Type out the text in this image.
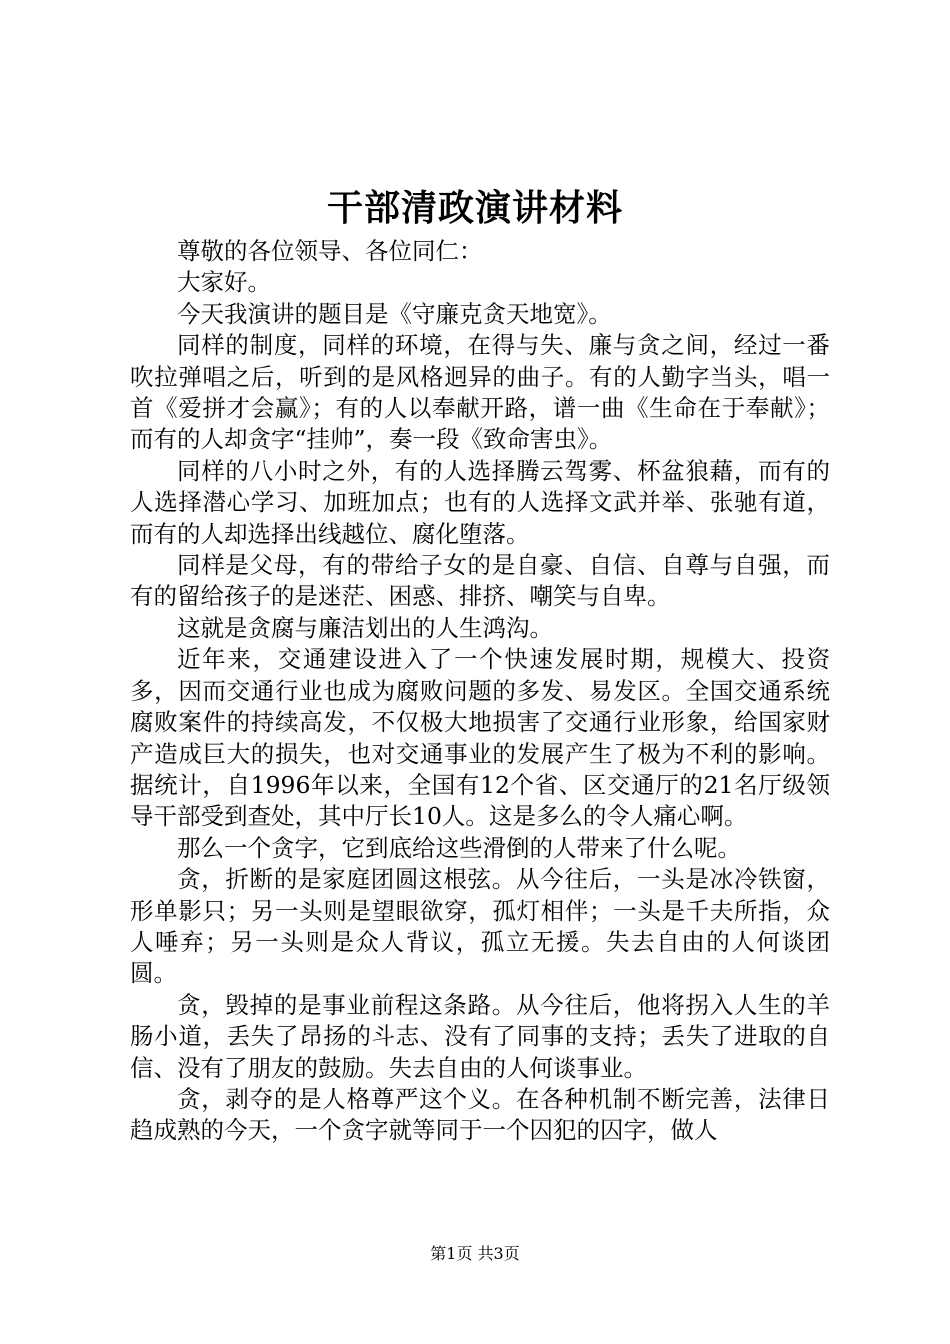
干部清政演讲材料

尊敬的各位领导、各位同仁：

大家好。

今天我演讲的题目是《守廉克贪天地宽》。

同样的制度，同样的环境，在得与失、廉与贪之间，经过一番吹拉弹唱之后，听到的是风格迥异的曲子。有的人勤字当头，唱一首《爱拼才会赢》；有的人以奉献开路，谱一曲《生命在于奉献》；而有的人却贪字“挂帅”，奏一段《致命害虫》。

同样的八小时之外，有的人选择腾云驾雾、杯盆狼藉，而有的人选择潜心学习、加班加点；也有的人选择文武并举、张驰有道，而有的人却选择出线越位、腐化堕落。

同样是父母，有的带给子女的是自豪、自信、自尊与自强，而有的留给孩子的是迷茫、困惑、排挤、嘲笑与自卑。

这就是贪腐与廉洁划出的人生鸿沟。

近年来，交通建设进入了一个快速发展时期，规模大、投资多，因而交通行业也成为腐败问题的多发、易发区。全国交通系统腐败案件的持续高发，不仅极大地损害了交通行业形象，给国家财产造成巨大的损失，也对交通事业的发展产生了极为不利的影响。据统计，自1996年以来，全国有12个省、区交通厅的21名厅级领导干部受到查处，其中厅长10人。这是多么的令人痛心啊。

那么一个贪字，它到底给这些滑倒的人带来了什么呢。

贪，折断的是家庭团圆这根弦。从今往后，一头是冰冷铁窗，形单影只；另一头则是望眼欲穿，孤灯相伴；一头是千夫所指，众人唾弃；另一头则是众人背议，孤立无援。失去自由的人何谈团圆。

贪，毁掉的是事业前程这条路。从今往后，他将拐入人生的羊肠小道，丢失了昂扬的斗志、没有了同事的支持；丢失了进取的自信、没有了朋友的鼓励。失去自由的人何谈事业。

贪，剥夺的是人格尊严这个义。在各种机制不断完善，法律日趋成熟的今天，一个贪字就等同于一个囚犯的囚字，做人

第1页 共3页
